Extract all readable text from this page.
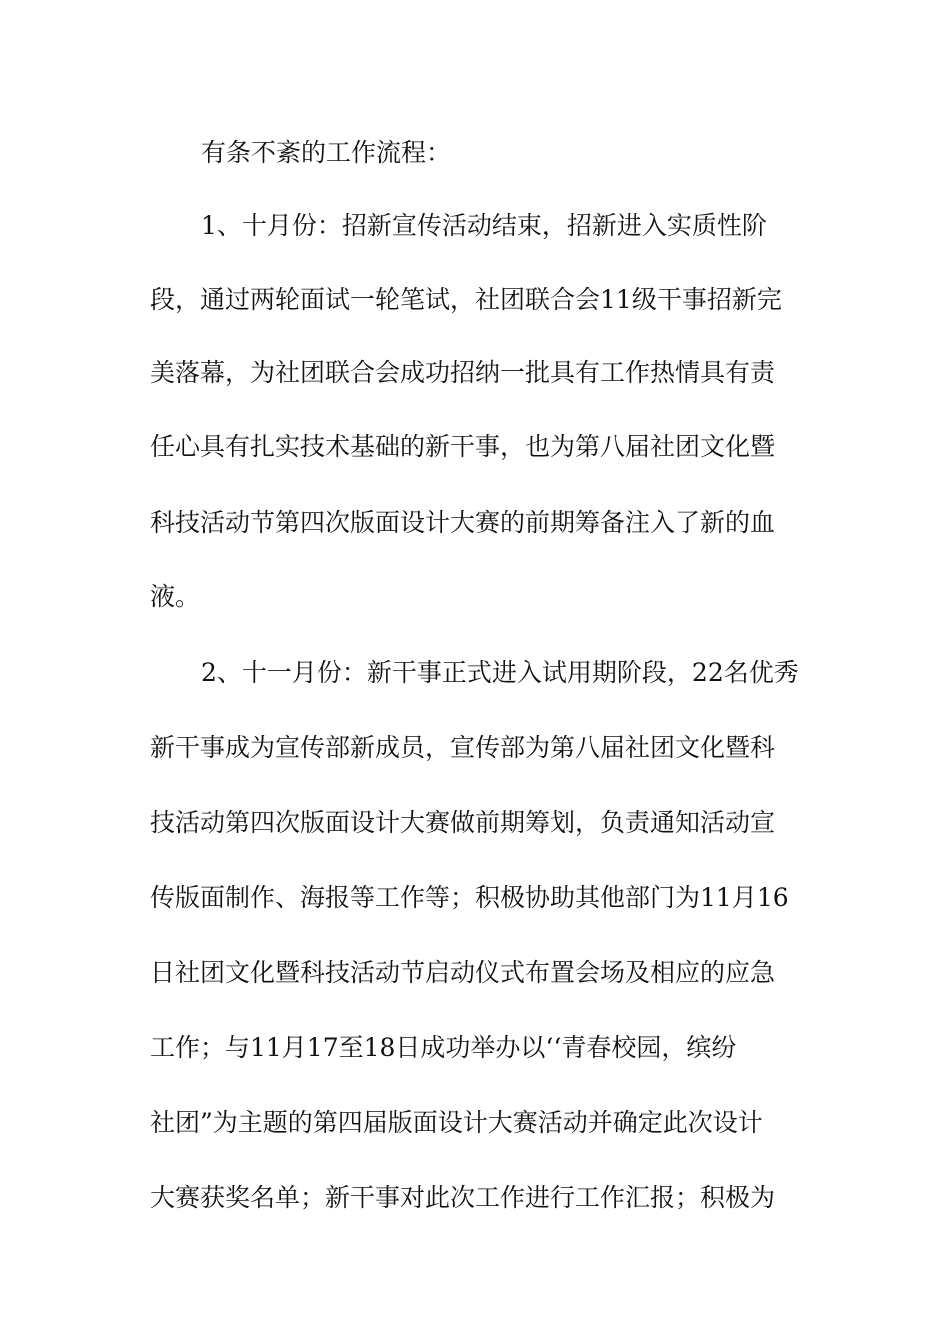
有条不紊的工作流程：

1、十月份：招新宣传活动结束，招新进入实质性阶

段，通过两轮面试一轮笔试，社团联合会11级干事招新完

美落幕，为社团联合会成功招纳一批具有工作热情具有责

任心具有扎实技术基础的新干事，也为第八届社团文化暨

科技活动节第四次版面设计大赛的前期筹备注入了新的血

液。

2、十一月份：新干事正式进入试用期阶段，22名优秀

新干事成为宣传部新成员，宣传部为第八届社团文化暨科

技活动第四次版面设计大赛做前期筹划，负责通知活动宣

传版面制作、海报等工作等；积极协助其他部门为11月16

日社团文化暨科技活动节启动仪式布置会场及相应的应急

工作；与11月17至18日成功举办以‘‘青春校园，缤纷

社团”为主题的第四届版面设计大赛活动并确定此次设计

大赛获奖名单；新干事对此次工作进行工作汇报；积极为
